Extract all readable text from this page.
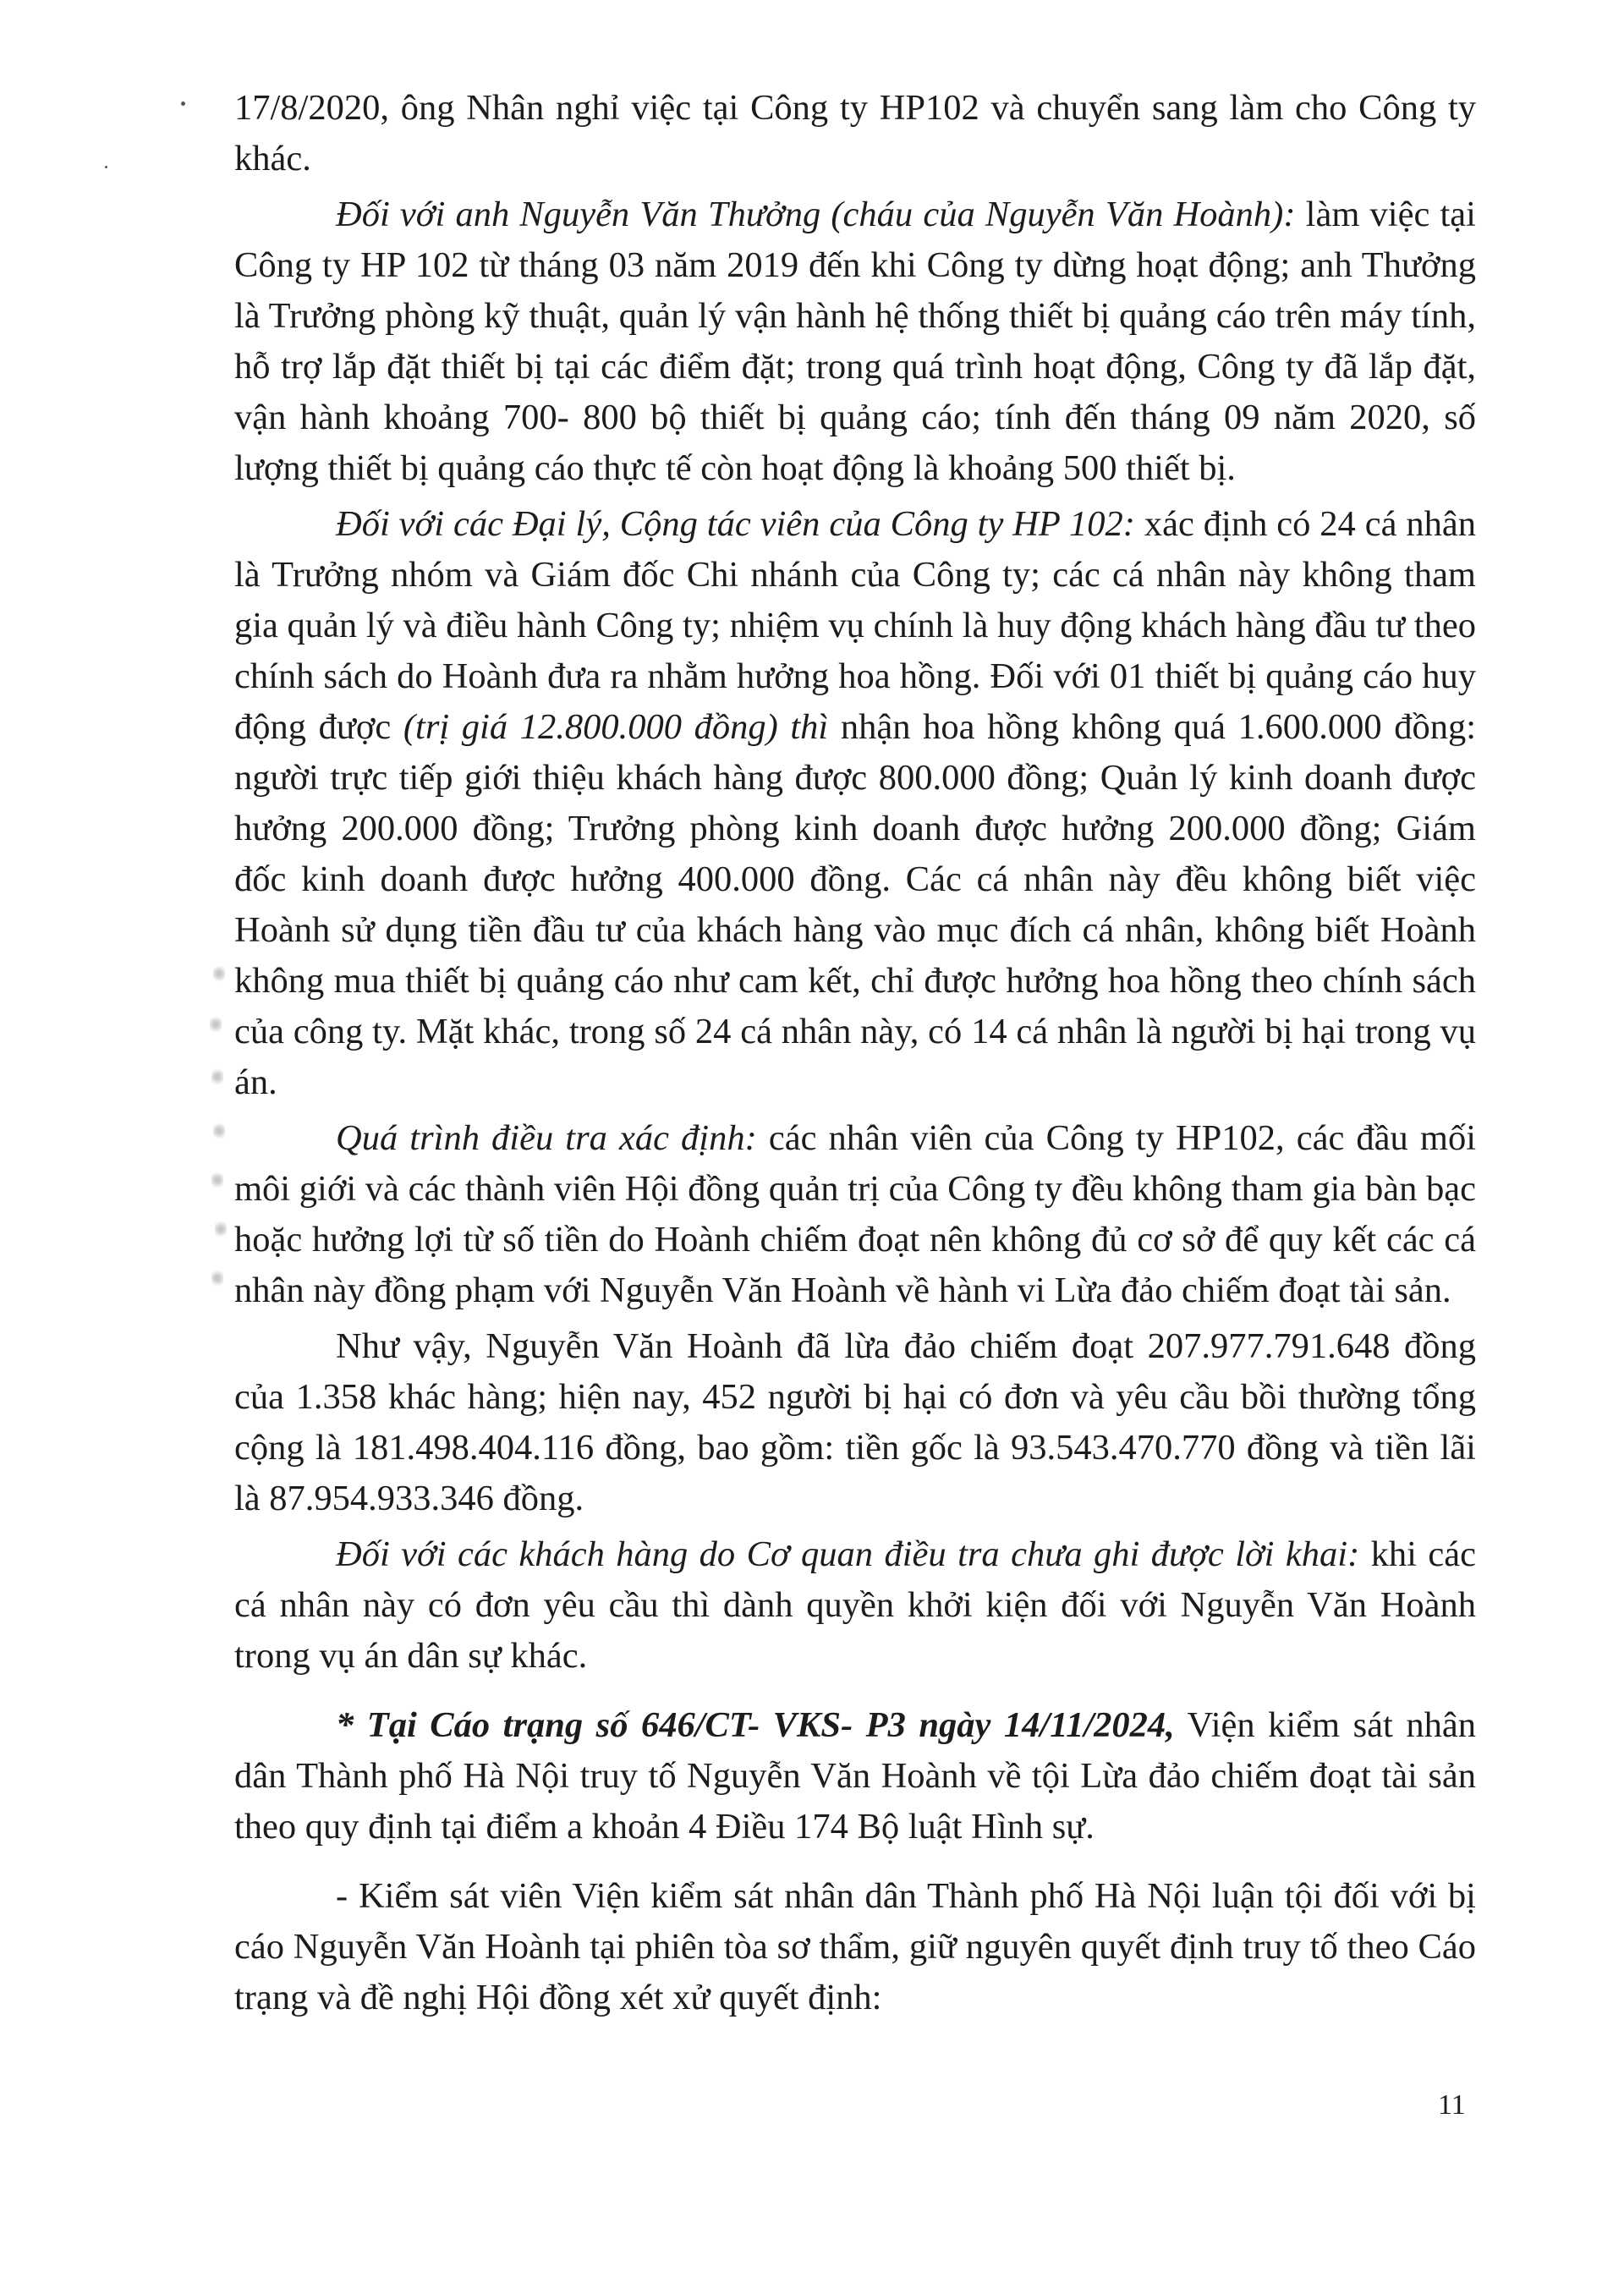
17/8/2020, ông Nhân nghỉ việc tại Công ty HP102 và chuyển sang làm cho Công ty khác.

Đối với anh Nguyễn Văn Thưởng (cháu của Nguyễn Văn Hoành): làm việc tại Công ty HP 102 từ tháng 03 năm 2019 đến khi Công ty dừng hoạt động; anh Thưởng là Trưởng phòng kỹ thuật, quản lý vận hành hệ thống thiết bị quảng cáo trên máy tính, hỗ trợ lắp đặt thiết bị tại các điểm đặt; trong quá trình hoạt động, Công ty đã lắp đặt, vận hành khoảng 700- 800 bộ thiết bị quảng cáo; tính đến tháng 09 năm 2020, số lượng thiết bị quảng cáo thực tế còn hoạt động là khoảng 500 thiết bị.

Đối với các Đại lý, Cộng tác viên của Công ty HP 102: xác định có 24 cá nhân là Trưởng nhóm và Giám đốc Chi nhánh của Công ty; các cá nhân này không tham gia quản lý và điều hành Công ty; nhiệm vụ chính là huy động khách hàng đầu tư theo chính sách do Hoành đưa ra nhằm hưởng hoa hồng. Đối với 01 thiết bị quảng cáo huy động được (trị giá 12.800.000 đồng) thì nhận hoa hồng không quá 1.600.000 đồng: người trực tiếp giới thiệu khách hàng được 800.000 đồng; Quản lý kinh doanh được hưởng 200.000 đồng; Trưởng phòng kinh doanh được hưởng 200.000 đồng; Giám đốc kinh doanh được hưởng 400.000 đồng. Các cá nhân này đều không biết việc Hoành sử dụng tiền đầu tư của khách hàng vào mục đích cá nhân, không biết Hoành không mua thiết bị quảng cáo như cam kết, chỉ được hưởng hoa hồng theo chính sách của công ty. Mặt khác, trong số 24 cá nhân này, có 14 cá nhân là người bị hại trong vụ án.

Quá trình điều tra xác định: các nhân viên của Công ty HP102, các đầu mối môi giới và các thành viên Hội đồng quản trị của Công ty đều không tham gia bàn bạc hoặc hưởng lợi từ số tiền do Hoành chiếm đoạt nên không đủ cơ sở để quy kết các cá nhân này đồng phạm với Nguyễn Văn Hoành về hành vi Lừa đảo chiếm đoạt tài sản.

Như vậy, Nguyễn Văn Hoành đã lừa đảo chiếm đoạt 207.977.791.648 đồng của 1.358 khác hàng; hiện nay, 452 người bị hại có đơn và yêu cầu bồi thường tổng cộng là 181.498.404.116 đồng, bao gồm: tiền gốc là 93.543.470.770 đồng và tiền lãi là 87.954.933.346 đồng.

Đối với các khách hàng do Cơ quan điều tra chưa ghi được lời khai: khi các cá nhân này có đơn yêu cầu thì dành quyền khởi kiện đối với Nguyễn Văn Hoành trong vụ án dân sự khác.

* Tại Cáo trạng số 646/CT- VKS- P3 ngày 14/11/2024, Viện kiểm sát nhân dân Thành phố Hà Nội truy tố Nguyễn Văn Hoành về tội Lừa đảo chiếm đoạt tài sản theo quy định tại điểm a khoản 4 Điều 174 Bộ luật Hình sự.

- Kiểm sát viên Viện kiểm sát nhân dân Thành phố Hà Nội luận tội đối với bị cáo Nguyễn Văn Hoành tại phiên tòa sơ thẩm, giữ nguyên quyết định truy tố theo Cáo trạng và đề nghị Hội đồng xét xử quyết định:

11
